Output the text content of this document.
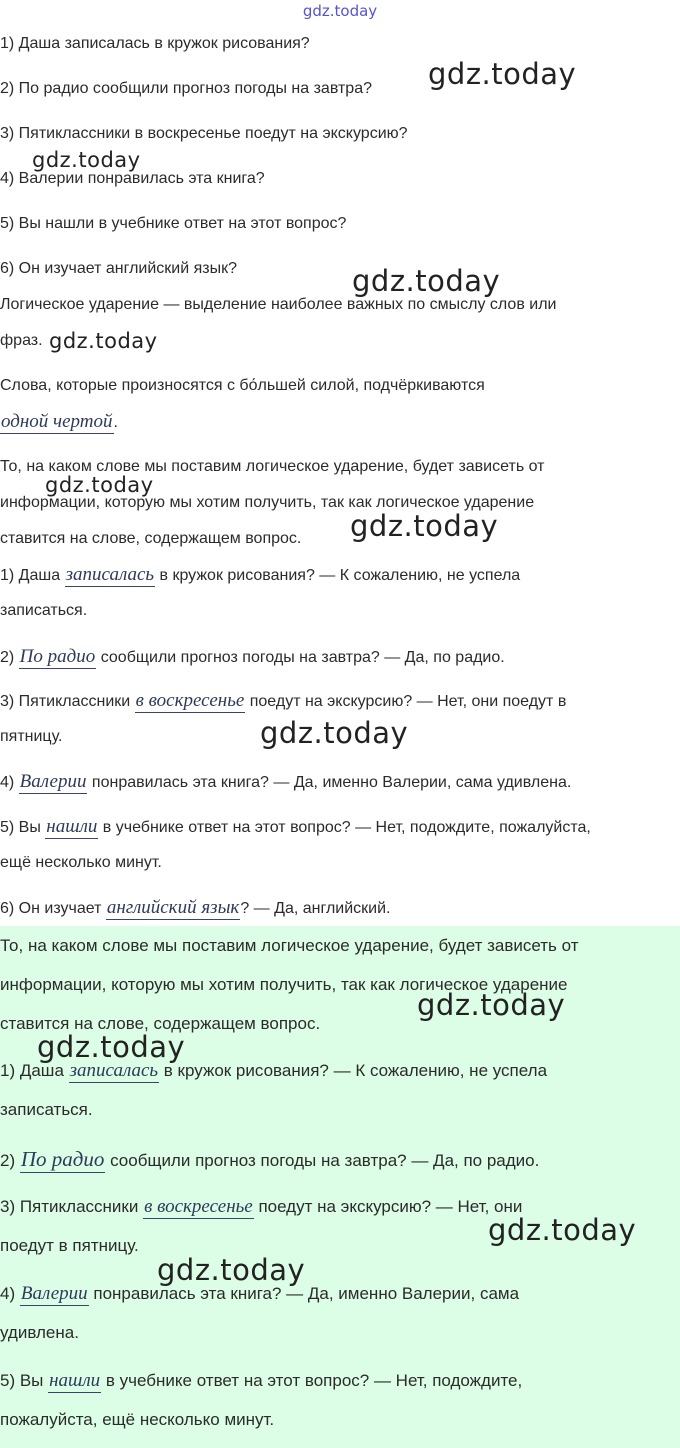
gdz.today
1) Даша записалась в кружок рисования?
2) По радио сообщили прогноз погоды на завтра?
3) Пятиклассники в воскресенье поедут на экскурсию?
4) Валерии понравилась эта книга?
5) Вы нашли в учебнике ответ на этот вопрос?
6) Он изучает английский язык?
Логическое ударение — выделение наиболее важных по смыслу слов или
фраз.
Слова, которые произносятся с бо́льшей силой, подчёркиваются
одной чертой.
То, на каком слове мы поставим логическое ударение, будет зависеть от
информации, которую мы хотим получить, так как логическое ударение
ставится на слове, содержащем вопрос.
1) Даша записалась в кружок рисования? — К сожалению, не успела
записаться.
2) По радио сообщили прогноз погоды на завтра? — Да, по радио.
3) Пятиклассники в воскресенье поедут на экскурсию? — Нет, они поедут в
пятницу.
4) Валерии понравилась эта книга? — Да, именно Валерии, сама удивлена.
5) Вы нашли в учебнике ответ на этот вопрос? — Нет, подождите, пожалуйста,
ещё несколько минут.
6) Он изучает английский язык? — Да, английский.
То, на каком слове мы поставим логическое ударение, будет зависеть от
информации, которую мы хотим получить, так как логическое ударение
ставится на слове, содержащем вопрос.
1) Даша записалась в кружок рисования? — К сожалению, не успела
записаться.
2) По радио сообщили прогноз погоды на завтра? — Да, по радио.
3) Пятиклассники в воскресенье поедут на экскурсию? — Нет, они
поедут в пятницу.
4) Валерии понравилась эта книга? — Да, именно Валерии, сама
удивлена.
5) Вы нашли в учебнике ответ на этот вопрос? — Нет, подождите,
пожалуйста, ещё несколько минут.
gdz.today
gdz.today
gdz.today
gdz.today
gdz.today
gdz.today
gdz.today
gdz.today
gdz.today
gdz.today
gdz.today
